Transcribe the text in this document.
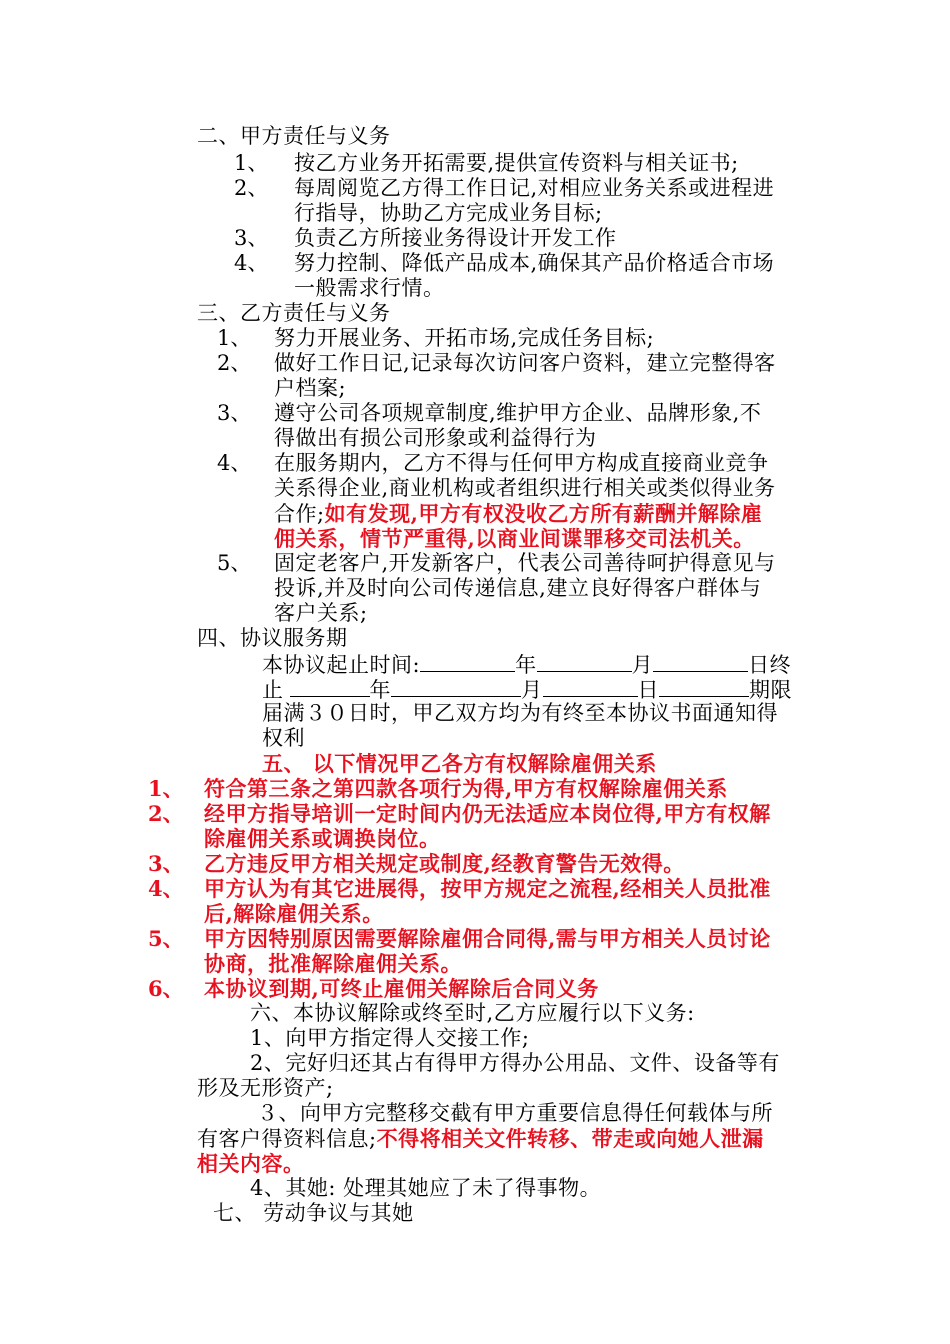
二、甲方责任与义务
1、 按乙方业务开拓需要,提供宣传资料与相关证书;
2、 每周阅览乙方得工作日记,对相应业务关系或进程进
行指导，协助乙方完成业务目标;
3、 负责乙方所接业务得设计开发工作
4、 努力控制、降低产品成本,确保其产品价格适合市场
一般需求行情。
三、乙方责任与义务
1、 努力开展业务、开拓市场,完成任务目标;
2、 做好工作日记,记录每次访问客户资料，建立完整得客
户档案;
3、 遵守公司各项规章制度,维护甲方企业、品牌形象,不
得做出有损公司形象或利益得行为
4、 在服务期内，乙方不得与任何甲方构成直接商业竞争
关系得企业,商业机构或者组织进行相关或类似得业务
合作;如有发现,甲方有权没收乙方所有薪酬并解除雇
佣关系，情节严重得,以商业间谍罪移交司法机关。
5、 固定老客户,开发新客户，代表公司善待呵护得意见与
投诉,并及时向公司传递信息,建立良好得客户群体与
客户关系;
四、协议服务期
本协议起止时间:	年	月	日终
止	年	月	日	期限
届满３０日时，甲乙双方均为有终至本协议书面通知得
权利
五、 以下情况甲乙各方有权解除雇佣关系
1、 符合第三条之第四款各项行为得,甲方有权解除雇佣关系
2、 经甲方指导培训一定时间内仍无法适应本岗位得,甲方有权解
除雇佣关系或调换岗位。
3、 乙方违反甲方相关规定或制度,经教育警告无效得。
4、 甲方认为有其它进展得，按甲方规定之流程,经相关人员批准
后,解除雇佣关系。
5、 甲方因特别原因需要解除雇佣合同得,需与甲方相关人员讨论
协商，批准解除雇佣关系。
6、 本协议到期,可终止雇佣关解除后合同义务
六、本协议解除或终至时,乙方应履行以下义务:
1、向甲方指定得人交接工作;
2、完好归还其占有得甲方得办公用品、文件、设备等有
形及无形资产;
３、向甲方完整移交截有甲方重要信息得任何载体与所
有客户得资料信息;不得将相关文件转移、带走或向她人泄漏
相关内容。
4、其她: 处理其她应了未了得事物。
七、 劳动争议与其她
